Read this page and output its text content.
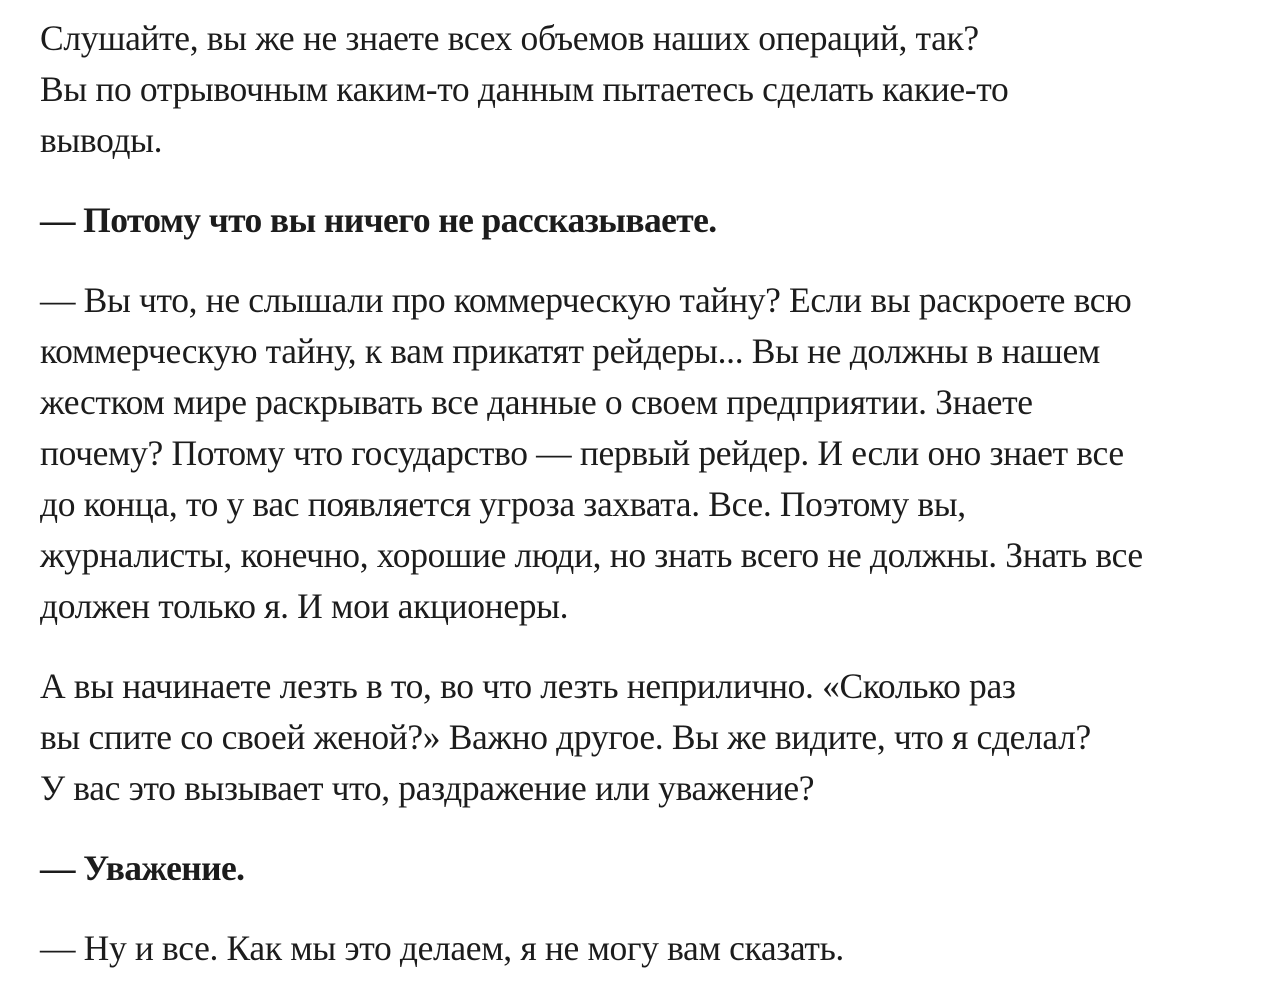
Слушайте, вы же не знаете всех объемов наших операций, так?
Вы по отрывочным каким-то данным пытаетесь сделать какие-то
выводы.
— Потому что вы ничего не рассказываете.
— Вы что, не слышали про коммерческую тайну? Если вы раскроете всю
коммерческую тайну, к вам прикатят рейдеры... Вы не должны в нашем
жестком мире раскрывать все данные о своем предприятии. Знаете
почему? Потому что государство — первый рейдер. И если оно знает все
до конца, то у вас появляется угроза захвата. Все. Поэтому вы,
журналисты, конечно, хорошие люди, но знать всего не должны. Знать все
должен только я. И мои акционеры.
А вы начинаете лезть в то, во что лезть неприлично. «Сколько раз
вы спите со своей женой?» Важно другое. Вы же видите, что я сделал?
У вас это вызывает что, раздражение или уважение?
— Уважение.
— Ну и все. Как мы это делаем, я не могу вам сказать.
